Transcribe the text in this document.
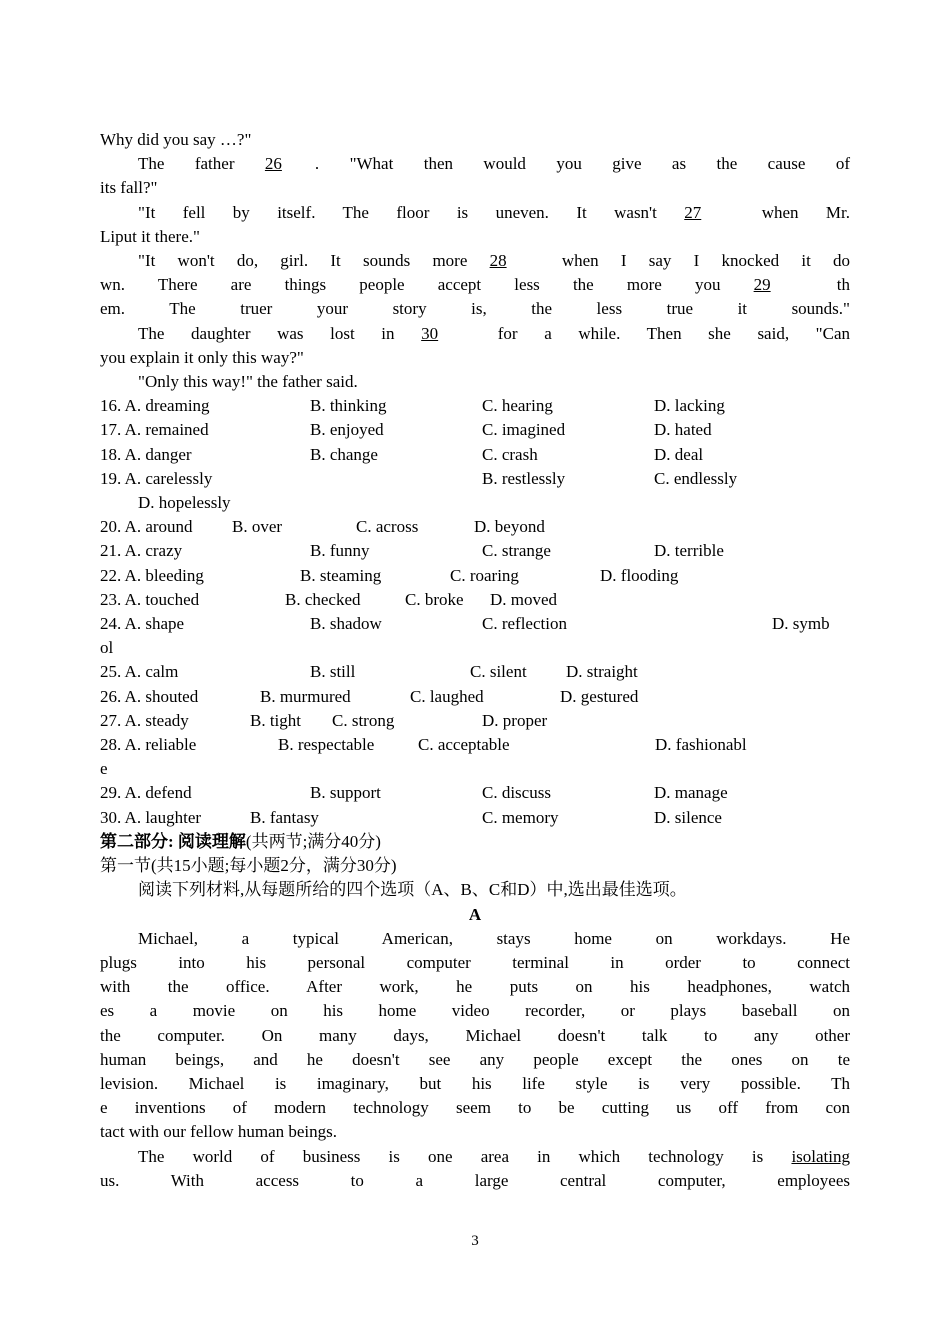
Why did you say …?"
The father 26 . "What then would you give as the cause of
its fall?"
"It fell by itself. The floor is uneven. It wasn't 27	when Mr.
Liput it there."
"It won't do, girl. It sounds more 28	when I say I knocked it do
wn. There are things people accept less the more you 29	th
em. The truer your story is, the less true it sounds."
The daughter was lost in 30	for a while. Then she said, "Can
you explain it only this way?"
"Only this way!" the father said.
16. A. dreaming	B. thinking	C. hearing	D. lacking
17. A. remained	B. enjoyed	C. imagined	D. hated
18. A. danger	B. change	C. crash	D. deal
19. A. carelessly	B. restlessly	C. endlessly
D. hopelessly
20. A. around	B. over	C. across	D. beyond
21. A. crazy	B. funny	C. strange	D. terrible
22. A. bleeding	B. steaming	C. roaring	D. flooding
23. A. touched	B. checked	C. broke	D. moved
24. A. shape	B. shadow	C. reflection	D. symb
ol
25. A. calm	B. still	C. silent	D. straight
26. A. shouted	B. murmured	C. laughed	D. gestured
27. A. steady	B. tight	C. strong	D. proper
28. A. reliable	B. respectable	C. acceptable	D. fashionabl
e
29. A. defend	B. support	C. discuss	D. manage
30. A. laughter	B. fantasy	C. memory	D. silence
第二部分: 阅读理解(共两节;满分40分)
第一节(共15小题;每小题2分，满分30分)
阅读下列材料,从每题所给的四个选项（A、B、C和D）中,选出最佳选项。
A
Michael, a typical American, stays home on workdays. He
plugs into his personal computer terminal in order to connect
with the office. After work, he puts on his headphones, watch
es a movie on his home video recorder, or plays baseball on
the computer. On many days, Michael doesn't talk to any other
human beings, and he doesn't see any people except the ones on te
levision. Michael is imaginary, but his life style is very possible. Th
e inventions of modern technology seem to be cutting us off from con
tact with our fellow human beings.
The world of business is one area in which technology is isolating
us. With access to a large central computer, employees
3
